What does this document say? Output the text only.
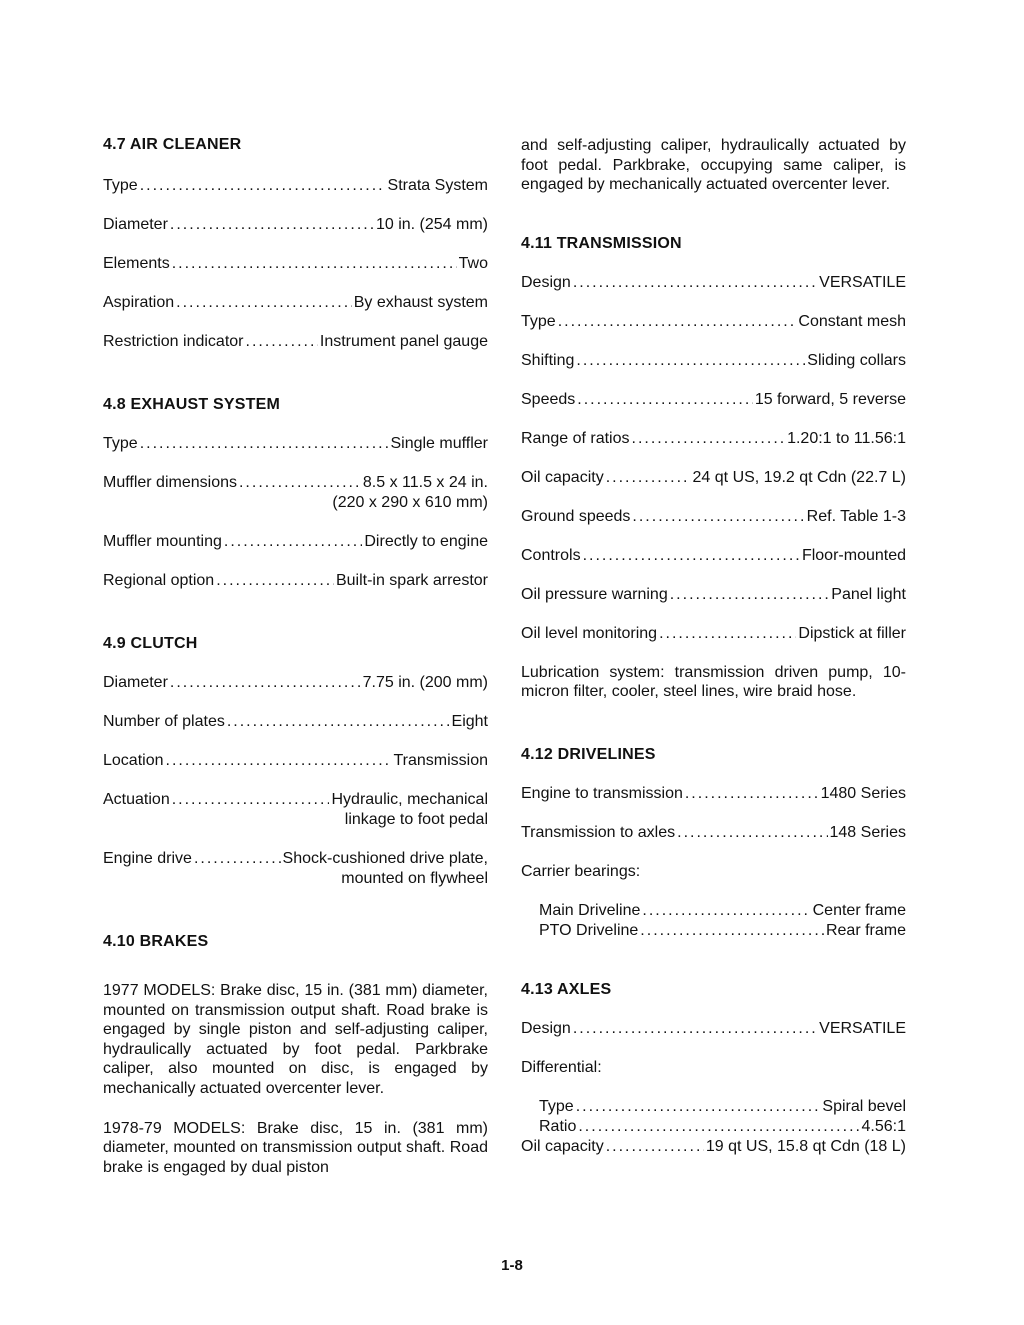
4.7 AIR CLEANER
Type .....	Strata System
Diameter .....	10 in. (254 mm)
Elements .....	Two
Aspiration .....	By exhaust system
Restriction indicator .....	Instrument panel gauge
4.8 EXHAUST SYSTEM
Type .....	Single muffler
Muffler dimensions .....	8.5 x 11.5 x 24 in.
(220 x 290 x 610 mm)
Muffler mounting .....	Directly to engine
Regional option .....	Built-in spark arrestor
4.9 CLUTCH
Diameter .....	7.75 in. (200 mm)
Number of plates .....	Eight
Location .....	Transmission
Actuation .....	Hydraulic, mechanical
linkage to foot pedal
Engine drive .....	Shock-cushioned drive plate,
mounted on flywheel
4.10 BRAKES

1977 MODELS: Brake disc, 15 in. (381 mm) diameter, mounted on transmission output shaft. Road brake is engaged by single piston and self-adjusting caliper, hydraulically actuated by foot pedal. Parkbrake caliper, also mounted on disc, is engaged by mechanically actuated overcenter lever.

1978-79 MODELS: Brake disc, 15 in. (381 mm) diameter, mounted on transmission output shaft. Road brake is engaged by dual piston

and self-adjusting caliper, hydraulically actuated by foot pedal. Parkbrake, occupying same caliper, is engaged by mechanically actuated overcenter lever.

4.11 TRANSMISSION
Design .....	VERSATILE
Type .....	Constant mesh
Shifting .....	Sliding collars
Speeds .....	15 forward, 5 reverse
Range of ratios .....	1.20:1 to 11.56:1
Oil capacity .....	24 qt US, 19.2 qt Cdn (22.7 L)
Ground speeds .....	Ref. Table 1-3
Controls .....	Floor-mounted
Oil pressure warning .....	Panel light
Oil level monitoring .....	Dipstick at filler

Lubrication system: transmission driven pump, 10-micron filter, cooler, steel lines, wire braid hose.

4.12 DRIVELINES
Engine to transmission .....	1480 Series
Transmission to axles .....	148 Series
Carrier bearings:
Main Driveline .....	Center frame
PTO Driveline .....	Rear frame
4.13 AXLES
Design .....	VERSATILE
Differential:
Type .....	Spiral bevel
Ratio .....	4.56:1
Oil capacity .....	19 qt US, 15.8 qt Cdn (18 L)
1-8
